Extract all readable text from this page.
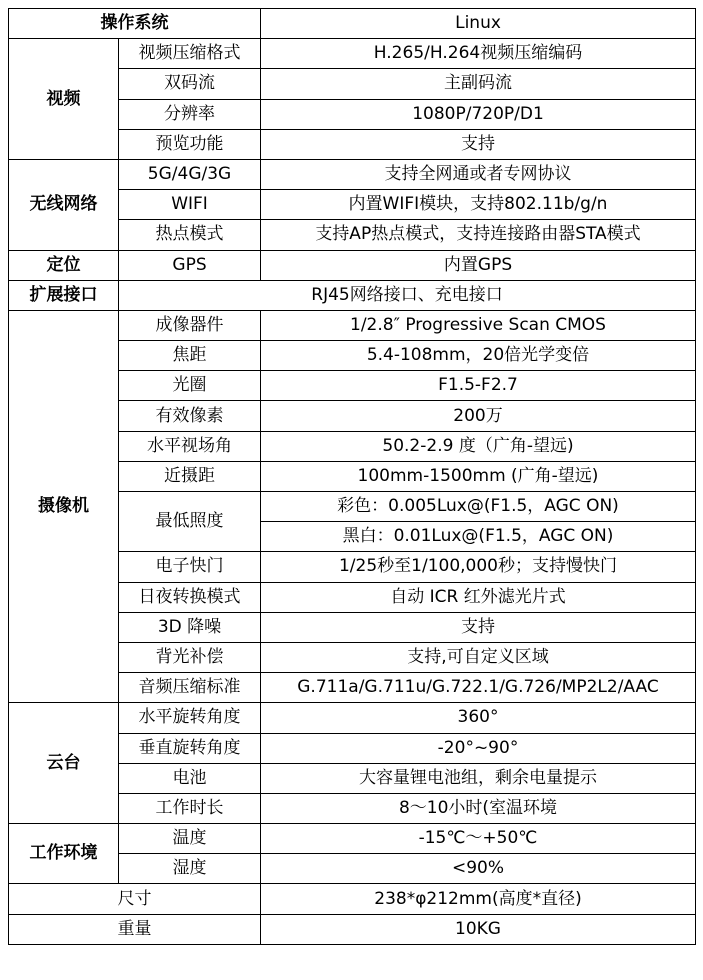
操作系统		Linux
视频	视频压缩格式	H.265/H.264视频压缩编码
	双码流	主副码流
	分辨率	1080P/720P/D1
	预览功能	支持
无线网络	5G/4G/3G	支持全网通或者专网协议
	WIFI	内置WIFI模块，支持802.11b/g/n
	热点模式	支持AP热点模式，支持连接路由器STA模式
定位	GPS	内置GPS
扩展接口	RJ45网络接口、充电接口	
摄像机	成像器件	1/2.8″ Progressive Scan CMOS
	焦距	5.4-108mm，20倍光学变倍
	光圈	F1.5-F2.7
	有效像素	200万
	水平视场角	50.2-2.9 度（广角-望远)
	近摄距	100mm-1500mm (广角-望远)
	最低照度	彩色：0.005Lux@(F1.5，AGC ON)
		黑白：0.01Lux@(F1.5，AGC ON)
	电子快门	1/25秒至1/100,000秒；支持慢快门
	日夜转换模式	自动 ICR 红外滤光片式
	3D 降噪	支持
	背光补偿	支持,可自定义区域
	音频压缩标准	G.711a/G.711u/G.722.1/G.726/MP2L2/AAC
云台	水平旋转角度	360°
	垂直旋转角度	-20°~90°
	电池	大容量锂电池组，剩余电量提示
	工作时长	8～10小时(室温环境
工作环境	温度	-15℃～+50℃
	湿度	<90%
尺寸		238*φ212mm(高度*直径)
重量		10KG
